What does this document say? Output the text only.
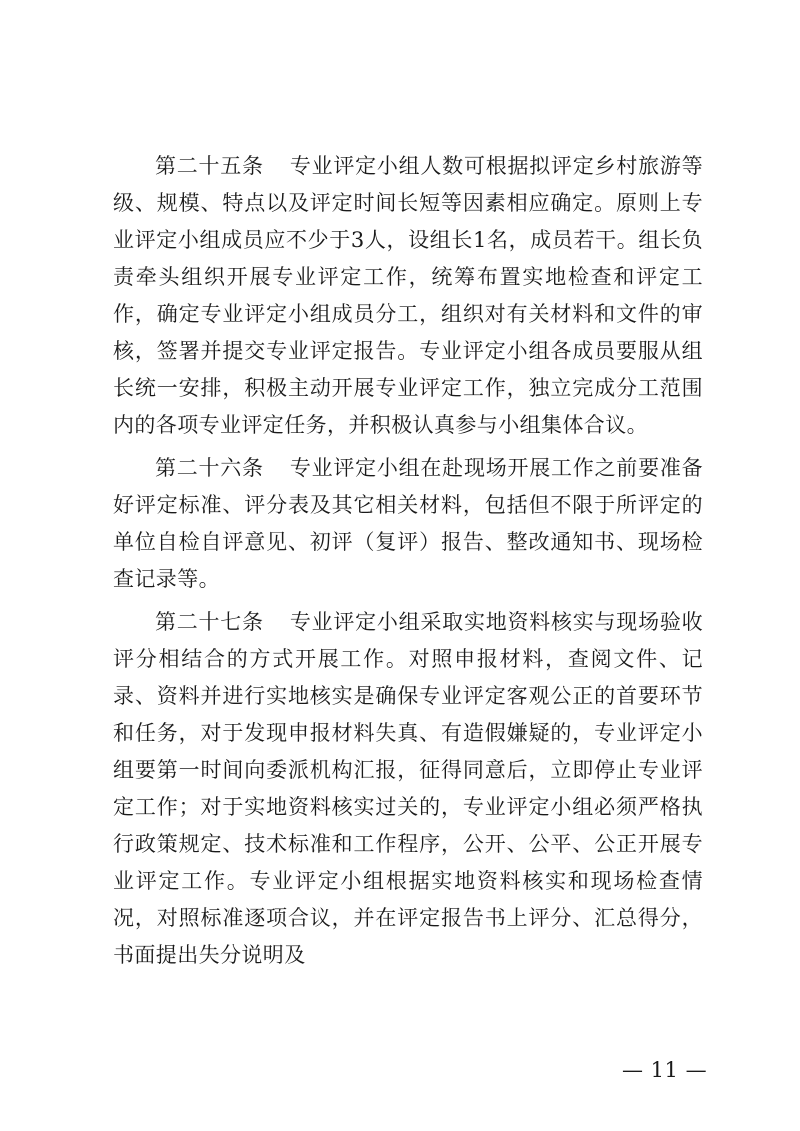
第二十五条 专业评定小组人数可根据拟评定乡村旅游等级、规模、特点以及评定时间长短等因素相应确定。原则上专业评定小组成员应不少于3人，设组长1名，成员若干。组长负责牵头组织开展专业评定工作，统筹布置实地检查和评定工作，确定专业评定小组成员分工，组织对有关材料和文件的审核，签署并提交专业评定报告。专业评定小组各成员要服从组长统一安排，积极主动开展专业评定工作，独立完成分工范围内的各项专业评定任务，并积极认真参与小组集体合议。

第二十六条 专业评定小组在赴现场开展工作之前要准备好评定标准、评分表及其它相关材料，包括但不限于所评定的单位自检自评意见、初评（复评）报告、整改通知书、现场检查记录等。

第二十七条 专业评定小组采取实地资料核实与现场验收评分相结合的方式开展工作。对照申报材料，查阅文件、记录、资料并进行实地核实是确保专业评定客观公正的首要环节和任务，对于发现申报材料失真、有造假嫌疑的，专业评定小组要第一时间向委派机构汇报，征得同意后，立即停止专业评定工作；对于实地资料核实过关的，专业评定小组必须严格执行政策规定、技术标准和工作程序，公开、公平、公正开展专业评定工作。专业评定小组根据实地资料核实和现场检查情况，对照标准逐项合议，并在评定报告书上评分、汇总得分，书面提出失分说明及

— 11 —
